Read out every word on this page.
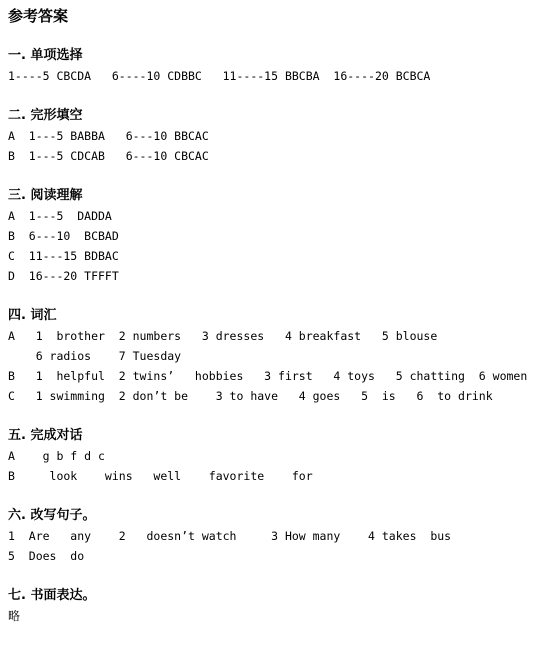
参考答案
一. 单项选择
1----5 CBCDA   6----10 CDBBC   11----15 BBCBA  16----20 BCBCA
二. 完形填空
A  1---5 BABBA   6---10 BBCAC
B  1---5 CDCAB   6---10 CBCAC
三. 阅读理解
A  1---5  DADDA
B  6---10  BCBAD
C  11---15 BDBAC
D  16---20 TFFFT
四. 词汇
A   1  brother  2 numbers   3 dresses   4 breakfast   5 blouse
6 radios    7 Tuesday
B   1  helpful  2 twins’   hobbies   3 first   4 toys   5 chatting  6 women
C   1 swimming  2 don’t be    3 to have   4 goes   5  is   6  to drink
五. 完成对话
A    g b f d c
B     look    wins   well    favorite    for
六. 改写句子。
1  Are   any    2   doesn’t watch     3 How many    4 takes  bus
5  Does  do
七. 书面表达。
略
